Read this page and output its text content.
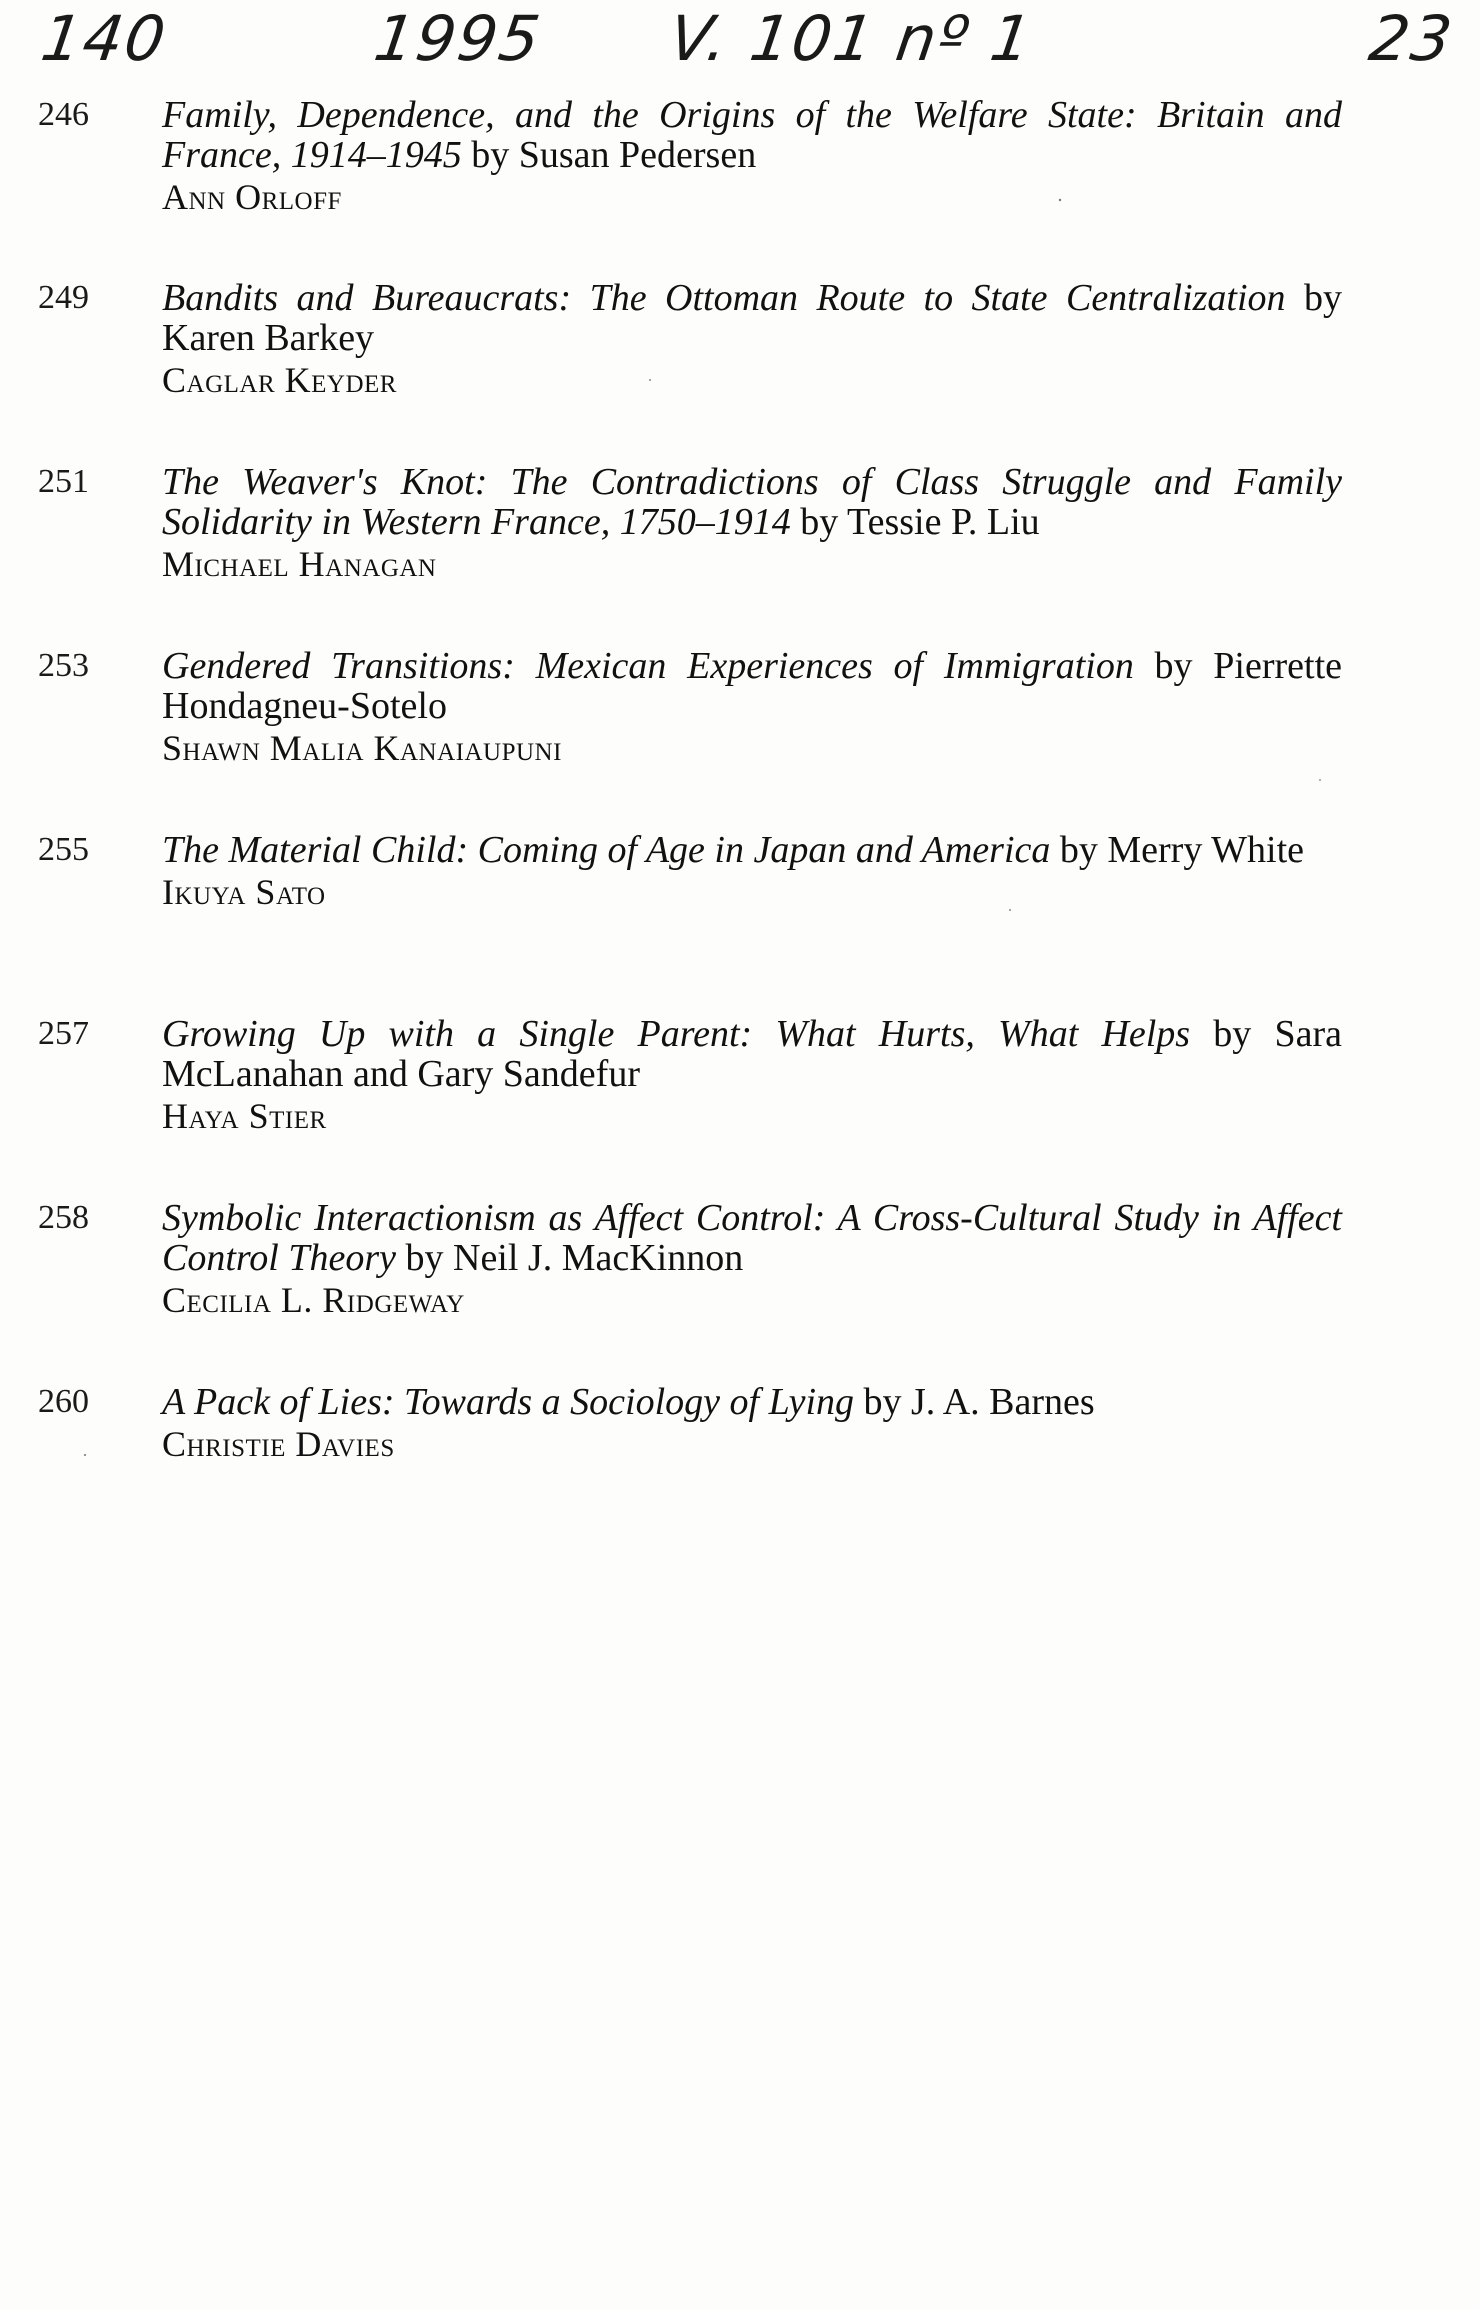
140	1995 V. 101 nº 1	23
246 Family, Dependence, and the Origins of the Welfare State: Britain and France, 1914–1945 by Susan Pedersen
Ann Orloff
249 Bandits and Bureaucrats: The Ottoman Route to State Centralization by Karen Barkey
Caglar Keyder
251 The Weaver's Knot: The Contradictions of Class Struggle and Family Solidarity in Western France, 1750–1914 by Tessie P. Liu
Michael Hanagan
253 Gendered Transitions: Mexican Experiences of Immigration by Pierrette Hondagneu-Sotelo
Shawn Malia Kanaiaupuni
255 The Material Child: Coming of Age in Japan and America by Merry White
Ikuya Sato
257 Growing Up with a Single Parent: What Hurts, What Helps by Sara McLanahan and Gary Sandefur
Haya Stier
258 Symbolic Interactionism as Affect Control: A Cross-Cultural Study in Affect Control Theory by Neil J. MacKinnon
Cecilia L. Ridgeway
260 A Pack of Lies: Towards a Sociology of Lying by J. A. Barnes
Christie Davies
